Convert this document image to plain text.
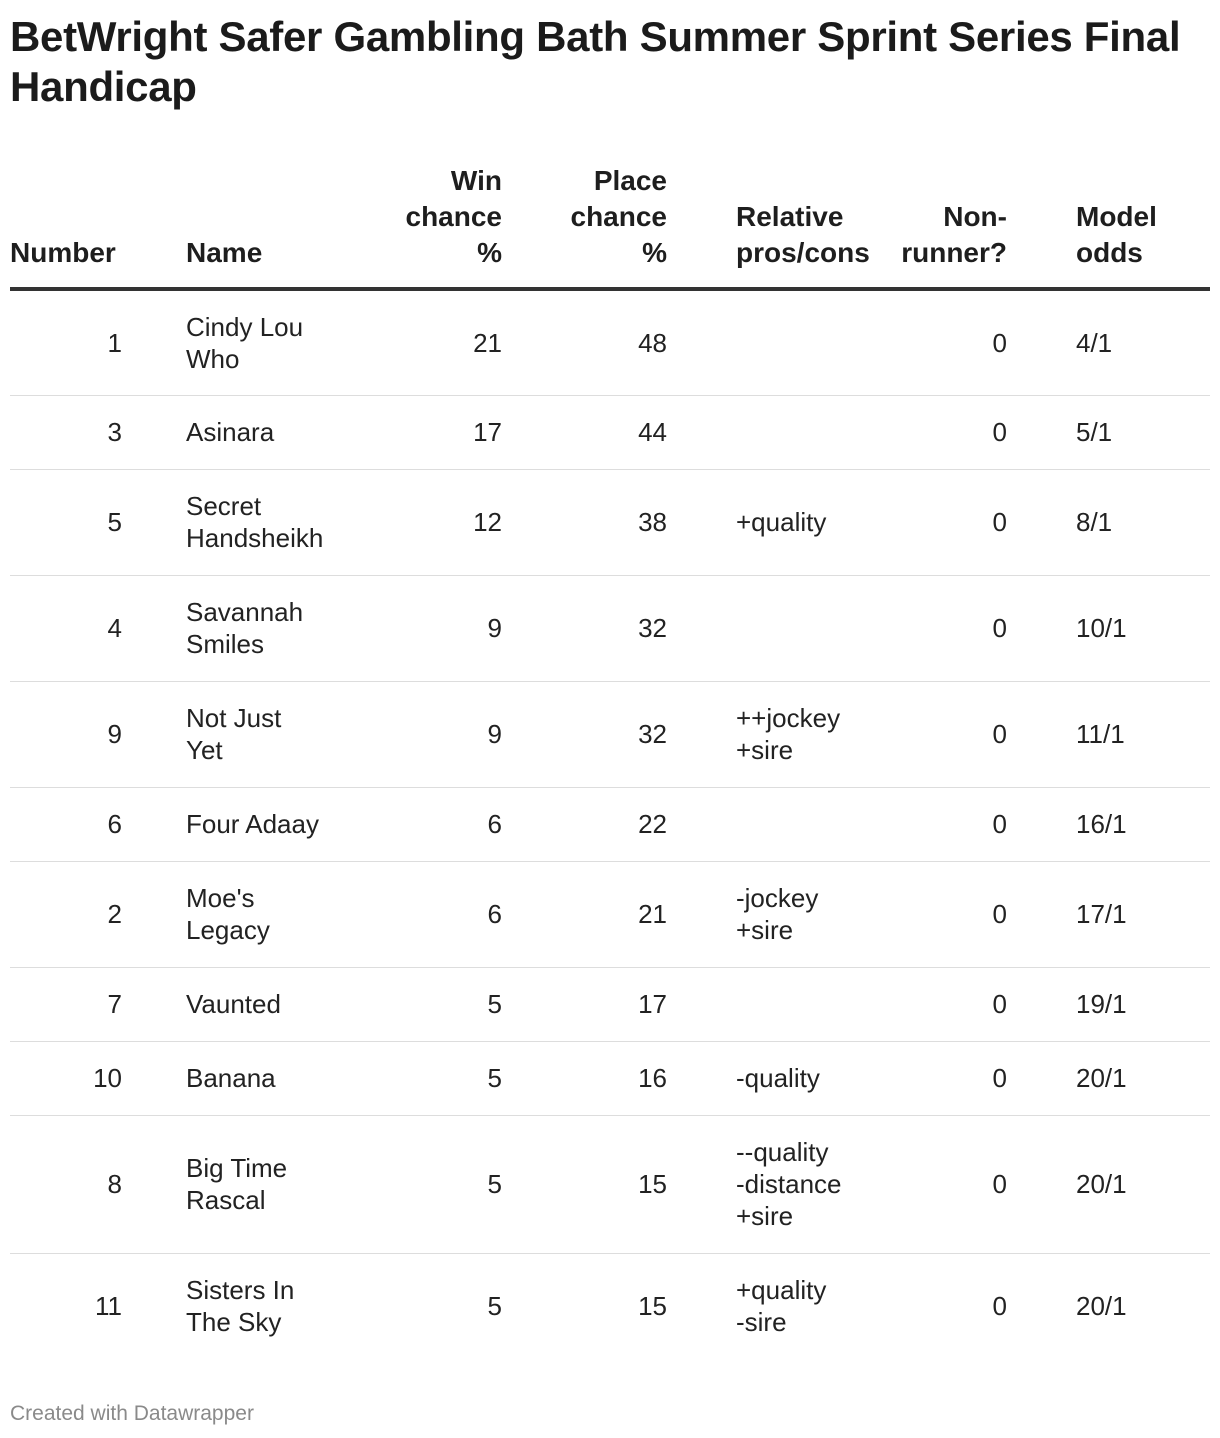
BetWright Safer Gambling Bath Summer Sprint Series Final Handicap
Number	Name	Win
chance
%	Place
chance
%	Relative
pros/cons	Non-
runner?	Model
odds

1	Cindy Lou
Who	21	48		0	4/1
3	Asinara	17	44		0	5/1
5	Secret
Handsheikh	12	38	+quality	0	8/1
4	Savannah
Smiles	9	32		0	10/1
9	Not Just
Yet	9	32	++jockey
+sire	0	11/1
6	Four Adaay	6	22		0	16/1
2	Moe's
Legacy	6	21	-jockey
+sire	0	17/1
7	Vaunted	5	17		0	19/1
10	Banana	5	16	-quality	0	20/1
8	Big Time
Rascal	5	15	--quality
-distance
+sire	0	20/1
11	Sisters In
The Sky	5	15	+quality
-sire	0	20/1
Created with Datawrapper
